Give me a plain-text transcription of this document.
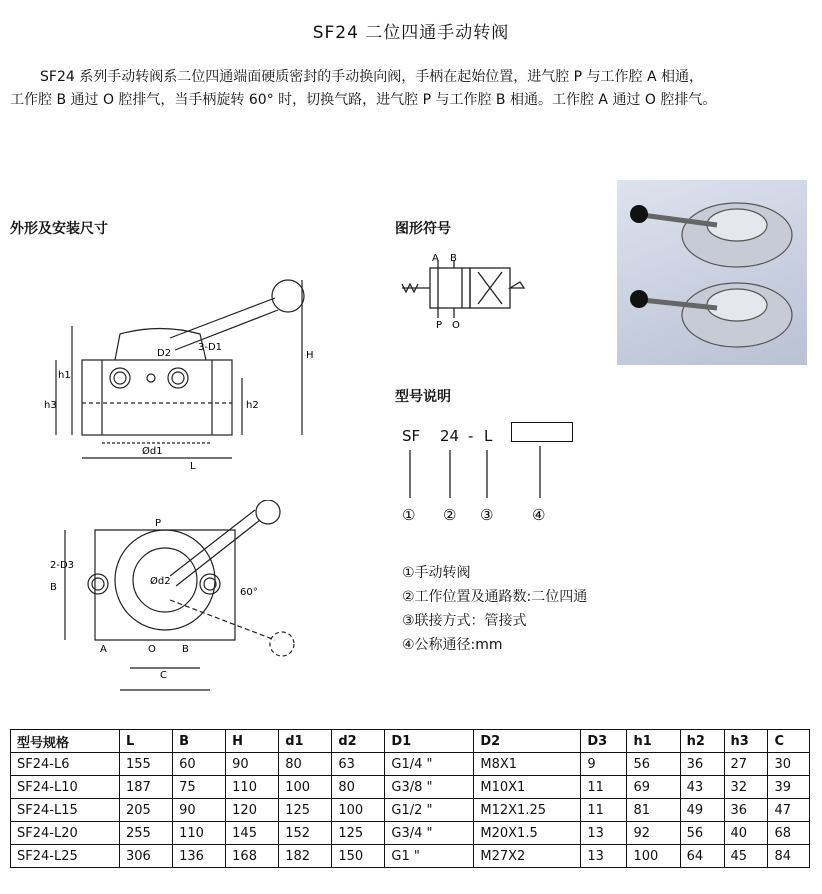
SF24 二位四通手动转阀
SF24 系列手动转阀系二位四通端面硬质密封的手动换向阀，手柄在起始位置，进气腔 P 与工作腔 A 相通，
工作腔 B 通过 O 腔排气，当手柄旋转 60° 时，切换气路，进气腔 P 与工作腔 B 相通。工作腔 A 通过 O 腔排气。
外形及安装尺寸	图形符号
型号说明
h1
h3	h2
H
D2
3-D1
Ød1
L
P
2-D3
Ød2
B	60°
A	O	B
C
A B
P O
SF 24 - L
① ② ③	④
①手动转阀
②工作位置及通路数:二位四通
③联接方式：管接式
④公称通径:mm
型号规格	L	B	H	d1	d2	D1	D2	D3	h1	h2	h3	C
SF24-L6	155	60	90	80	63	G1/4 "	M8X1	9	56	36	27	30
SF24-L10	187	75	110	100	80	G3/8 "	M10X1	11	69	43	32	39
SF24-L15	205	90	120	125	100	G1/2 "	M12X1.25	11	81	49	36	47
SF24-L20	255	110	145	152	125	G3/4 "	M20X1.5	13	92	56	40	68
SF24-L25	306	136	168	182	150	G1 "	M27X2	13	100	64	45	84
